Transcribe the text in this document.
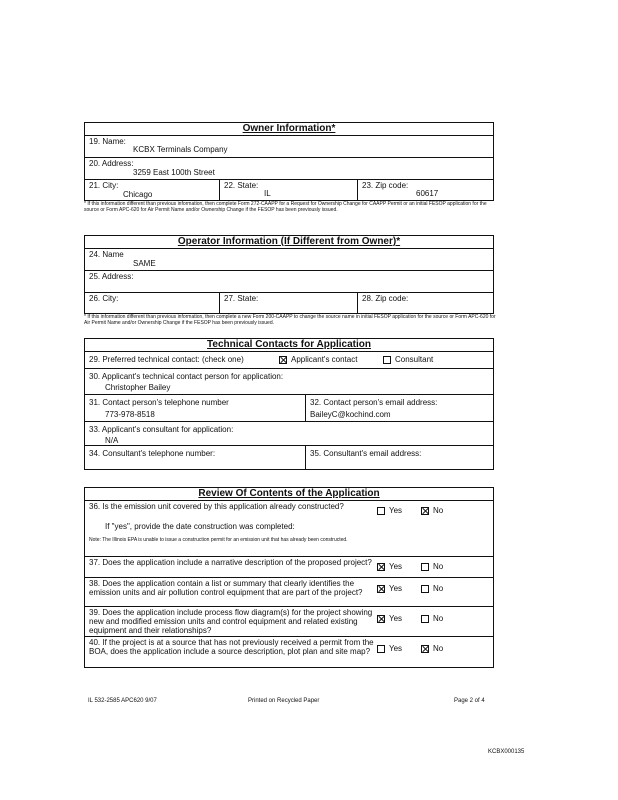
Owner Information*
19. Name:
KCBX Terminals Company
20. Address:
3259 East 100th Street
21. City:
Chicago
22. State:
IL
23. Zip code:
60617
* If this information different than previous information, then complete Form 272-CAAPP for a Request for Ownership Change for CAAPP Permit or an initial FESOP application for the source or Form APC-620 for Air Permit Name and/or Ownership Change if the FESOP has been previously issued.
Operator Information (If Different from Owner)*
24. Name
SAME
25. Address:
26. City:	27. State:	28. Zip code:
* If this information different than previous information, then complete a new Form 200-CAAPP to change the source name in initial FESOP application for the source or Form APC-620 for Air Permit Name and/or Ownership Change if the FESOP has been previously issued.
Technical Contacts for Application
29. Preferred technical contact: (check one)	Applicant's contact	Consultant
30. Applicant's technical contact person for application:
Christopher Bailey
31. Contact person's telephone number
773-978-8518
32. Contact person's email address:
BaileyC@kochind.com
33. Applicant's consultant for application:
N/A
34. Consultant's telephone number:	35. Consultant's email address:
Review Of Contents of the Application
36. Is the emission unit covered by this application already constructed?
If "yes", provide the date construction was completed:
Note: The Illinois EPA is unable to issue a construction permit for an emission unit that has already been constructed.
Yes	No
37. Does the application include a narrative description of the proposed project?	Yes	No
38. Does the application contain a list or summary that clearly identifies the emission units and air pollution control equipment that are part of the project?	Yes	No
39. Does the application include process flow diagram(s) for the project showing new and modified emission units and control equipment and related existing equipment and their relationships?
Yes	No
40. If the project is at a source that has not previously received a permit from the BOA, does the application include a source description, plot plan and site map?	Yes	No
IL 532-2585 APC620 9/07	Printed on Recycled Paper	Page 2 of 4
KCBX000135
